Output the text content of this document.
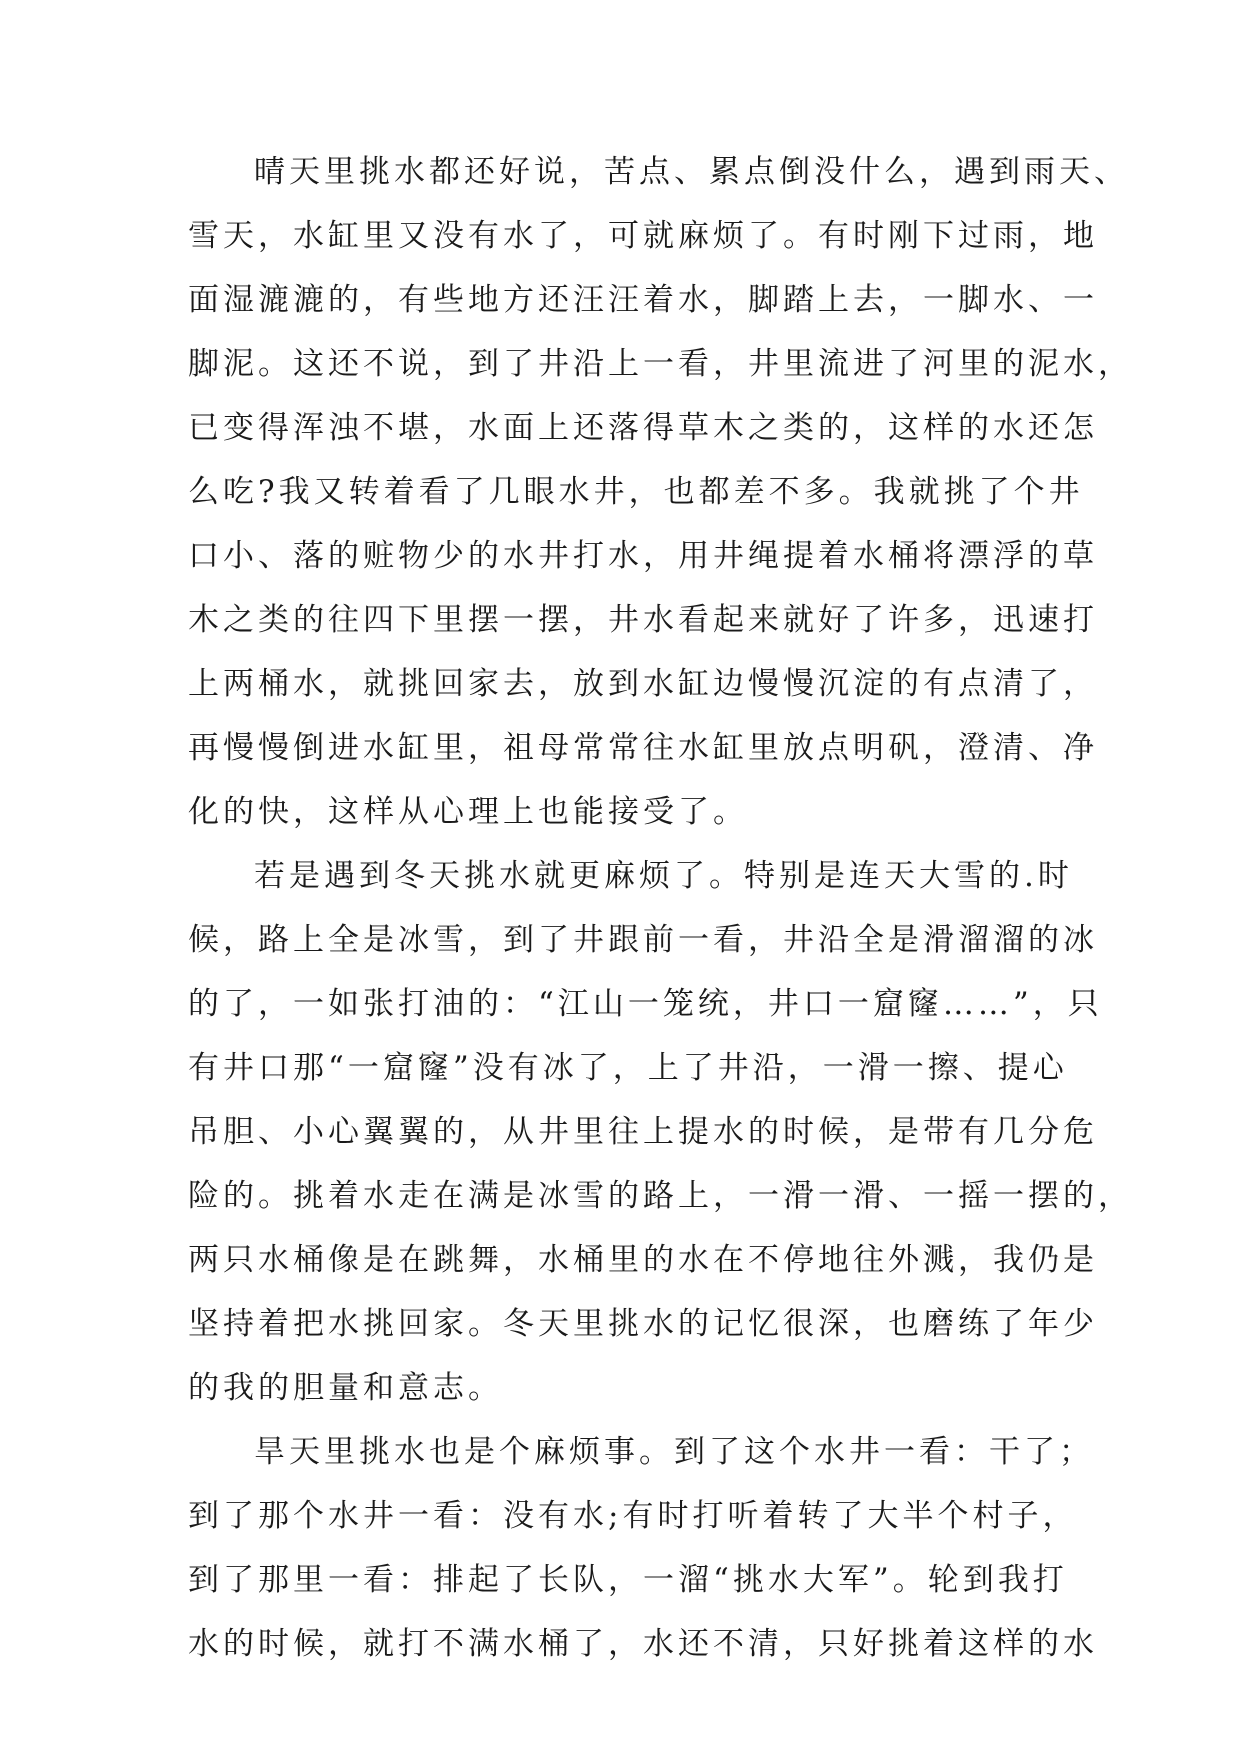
晴天里挑水都还好说，苦点、累点倒没什么，遇到雨天、
雪天，水缸里又没有水了，可就麻烦了。有时刚下过雨，地
面湿漉漉的，有些地方还汪汪着水，脚踏上去，一脚水、一
脚泥。这还不说，到了井沿上一看，井里流进了河里的泥水，
已变得浑浊不堪，水面上还落得草木之类的，这样的水还怎
么吃?我又转着看了几眼水井，也都差不多。我就挑了个井
口小、落的赃物少的水井打水，用井绳提着水桶将漂浮的草
木之类的往四下里摆一摆，井水看起来就好了许多，迅速打
上两桶水，就挑回家去，放到水缸边慢慢沉淀的有点清了，
再慢慢倒进水缸里，祖母常常往水缸里放点明矾，澄清、净
化的快，这样从心理上也能接受了。
若是遇到冬天挑水就更麻烦了。特别是连天大雪的.时
候，路上全是冰雪，到了井跟前一看，井沿全是滑溜溜的冰
的了，一如张打油的：“江山一笼统，井口一窟窿……”，只
有井口那“一窟窿”没有冰了，上了井沿，一滑一擦、提心
吊胆、小心翼翼的，从井里往上提水的时候，是带有几分危
险的。挑着水走在满是冰雪的路上，一滑一滑、一摇一摆的，
两只水桶像是在跳舞，水桶里的水在不停地往外溅，我仍是
坚持着把水挑回家。冬天里挑水的记忆很深，也磨练了年少
的我的胆量和意志。
旱天里挑水也是个麻烦事。到了这个水井一看：干了；
到了那个水井一看：没有水;有时打听着转了大半个村子，
到了那里一看：排起了长队，一溜“挑水大军”。轮到我打
水的时候，就打不满水桶了，水还不清，只好挑着这样的水
